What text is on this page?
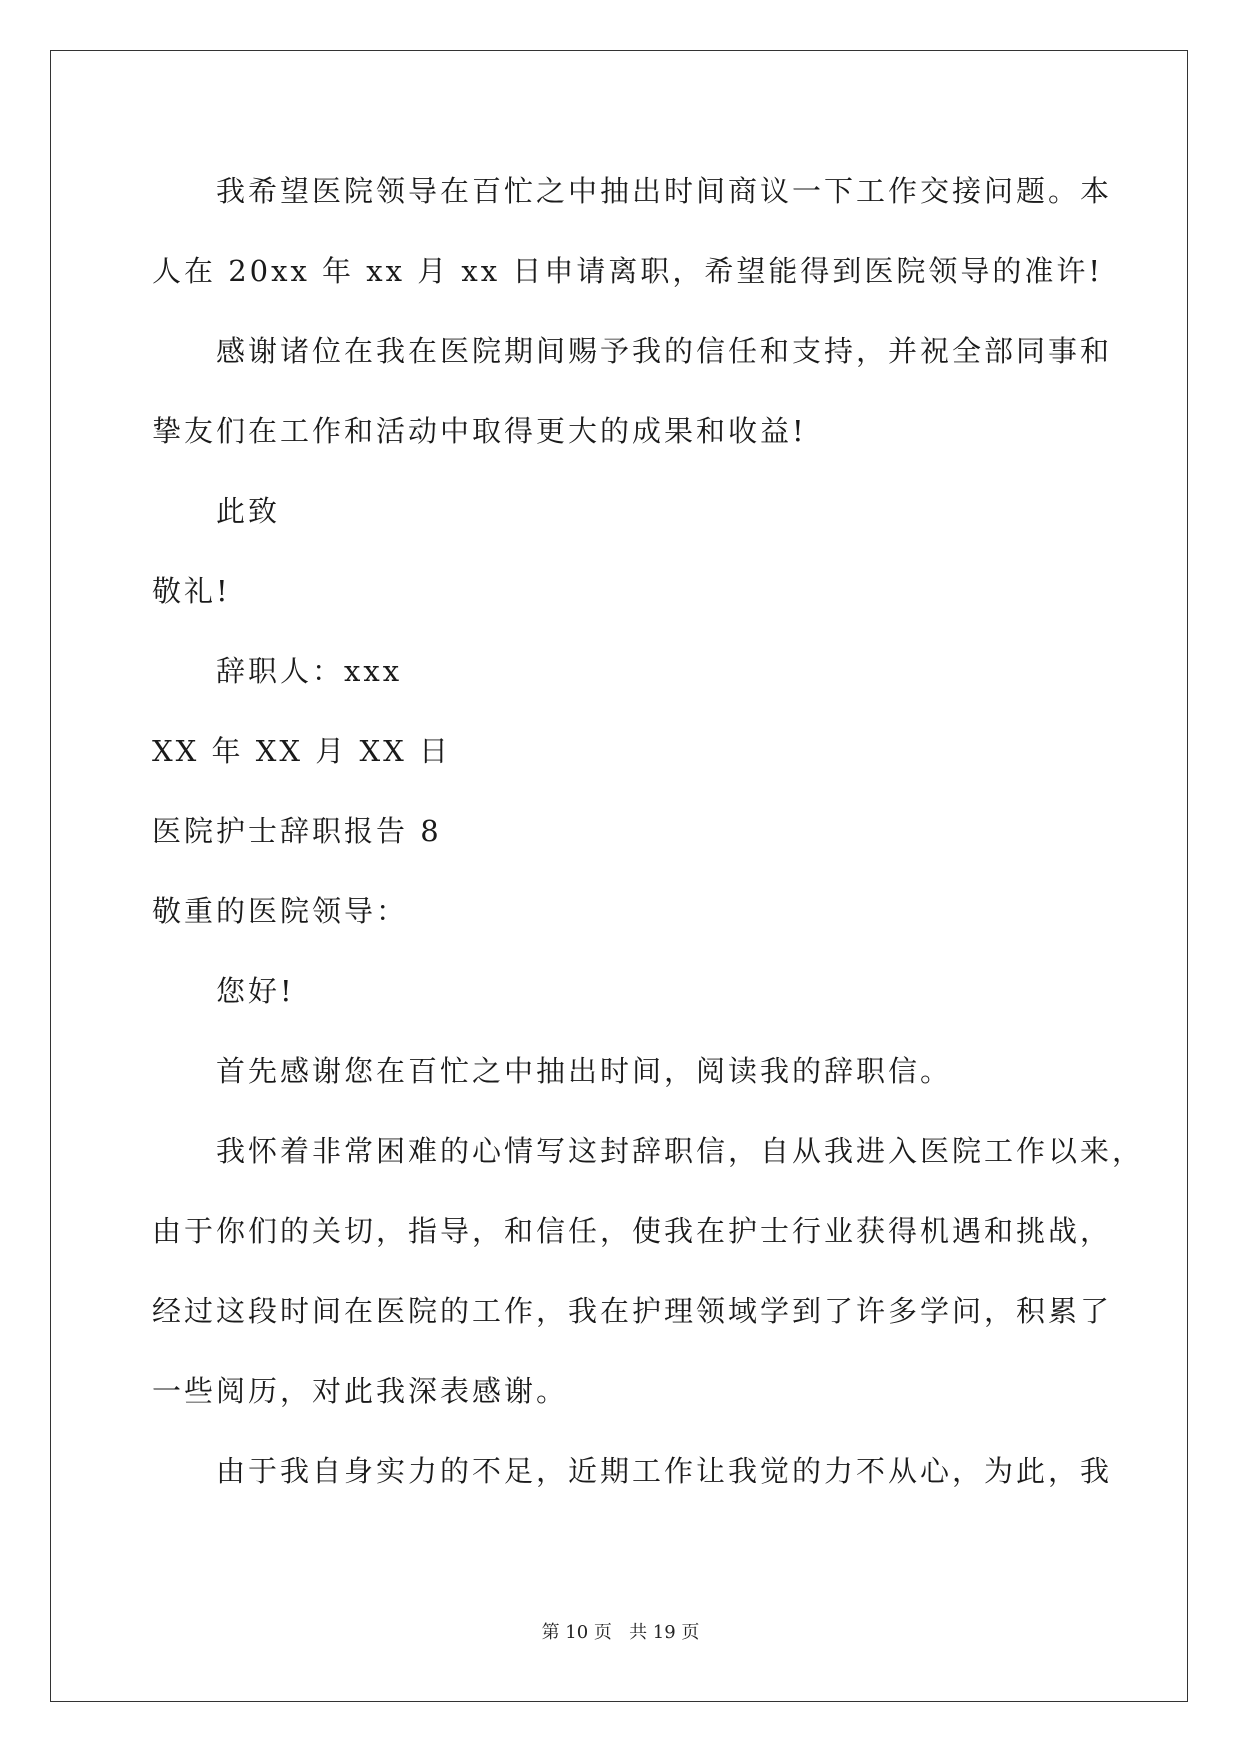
我希望医院领导在百忙之中抽出时间商议一下工作交接问题。本
人在 20xx 年 xx 月 xx 日申请离职，希望能得到医院领导的准许!
感谢诸位在我在医院期间赐予我的信任和支持，并祝全部同事和
挚友们在工作和活动中取得更大的成果和收益!
此致
敬礼!
辞职人：xxx
XX 年 XX 月 XX 日
医院护士辞职报告 8
敬重的医院领导：
您好!
首先感谢您在百忙之中抽出时间，阅读我的辞职信。
我怀着非常困难的心情写这封辞职信，自从我进入医院工作以来，
由于你们的关切，指导，和信任，使我在护士行业获得机遇和挑战，
经过这段时间在医院的工作，我在护理领域学到了许多学问，积累了
一些阅历，对此我深表感谢。
由于我自身实力的不足，近期工作让我觉的力不从心，为此，我
第 10 页   共 19 页
